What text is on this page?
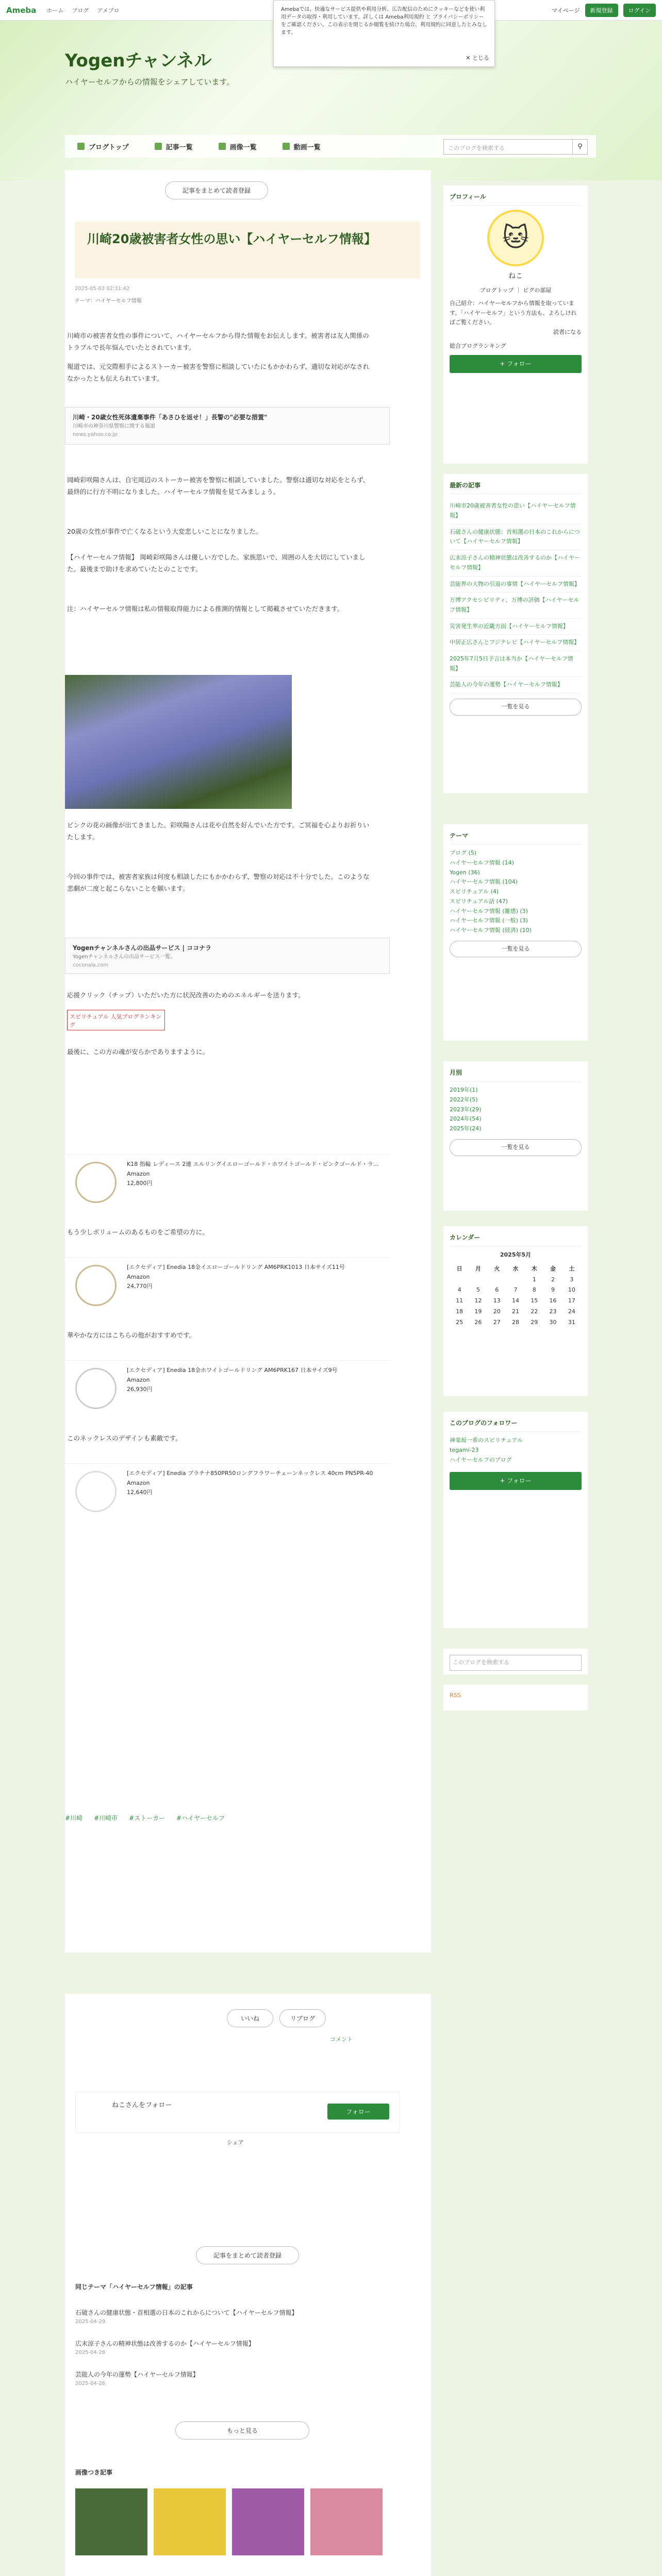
Ameba ホーム ブログ アメブロ	マイページ	新規登録	ログイン
Yogenチャンネル
ハイヤーセルフからの情報をシェアしています。
Amebaでは、快適なサービス提供や利用分析、広告配信のためにクッキーなどを使い利用データの取得・利用しています。詳しくは Ameba利用規約 と プライバシーポリシー をご確認ください。この表示を閉じるか閲覧を続けた場合、利用規約に同意したとみなします。
✕ とじる
ブログトップ	記事一覧	画像一覧	動画一覧	このブログを検索する	⚲
記事をまとめて読者登録
川崎20歳被害者女性の思い【ハイヤーセルフ情報】
2025-05-03 02:31:42
テーマ：ハイヤーセルフ情報

川崎市の被害者女性の事件について、ハイヤーセルフから得た情報をお伝えします。被害者は友人関係のトラブルで長年悩んでいたとされています。

報道では、元交際相手によるストーカー被害を警察に相談していたにもかかわらず、適切な対応がなされなかったとも伝えられています。

川崎・20歳女性死体遺棄事件「あさひを返せ！」長警の"必要な措置"
川崎市の神奈川県警察に関する報道
news.yahoo.co.jp

岡崎彩咲陽さんは、自宅周辺のストーカー被害を警察に相談していました。警察は適切な対応をとらず、最終的に行方不明になりました。ハイヤーセルフ情報を見てみましょう。

20歳の女性が事件で亡くなるという大変悲しいことになりました。

【ハイヤーセルフ情報】 岡崎彩咲陽さんは優しい方でした。家族思いで、周囲の人を大切にしていました。最後まで助けを求めていたとのことです。

注：ハイヤーセルフ情報は私の情報取得能力による推測的情報として掲載させていただきます。

ピンクの花の画像が出てきました。彩咲陽さんは花や自然を好んでいた方です。ご冥福を心よりお祈りいたします。

今回の事件では、被害者家族は何度も相談したにもかかわらず、警察の対応は不十分でした。このような悲劇が二度と起こらないことを願います。

Yogenチャンネルさんの出品サービス | ココナラ
Yogenチャンネルさんの出品サービス一覧。
coconala.com

応援クリック（チップ）いただいた方に状況改善のためのエネルギーを送ります。

スピリチュアル 人気ブログランキング

最後に、この方の魂が安らかでありますように。

K18 指輪 レディース 2連 エルリングイエローゴールド・ホワイトゴールド・ピンクゴールド・ラ...
Amazon
12,800円

もう少しボリュームのあるものをご希望の方に。

[エクセディア] Enedia 18金イエローゴールドリング AM6PRK1013 日本サイズ11号
Amazon
24,770円

華やかな方にはこちらの他がおすすめです。

[エクセディア] Enedia 18金ホワイトゴールドリング AM6PRK167 日本サイズ9号
Amazon
26,930円

このネックレスのデザインも素敵です。

[エクセディア] Enedia プラチナ850PR50ロングフラワーチェーンネックレス 40cm PN5PR-40
Amazon
12,640円
#川崎 #川崎市 #ストーカー #ハイヤーセルフ
プロフィール
🐱
ねこ
ブログトップ ｜ ピグの部屋

自己紹介：ハイヤーセルフから情報を取っています。「ハイヤーセルフ」という方法も、よろしければご覧ください。

読者になる
総合ブログランキング
+ フォロー
最新の記事
川崎市20歳被害者女性の思い【ハイヤーセルフ情報】
石破さんの健康状態：首相選の日本のこれからについて【ハイヤーセルフ情報】
広末涼子さんの精神状態は改善するのか【ハイヤーセルフ情報】
芸能界の大物の引退の事情【ハイヤーセルフ情報】
万博アクセシビリティ、万博の評価【ハイヤーセルフ情報】
災害発生率の近畿方面【ハイヤーセルフ情報】
中居正広さんとフジテレビ【ハイヤーセルフ情報】
2025年7月5日予言は本当か【ハイヤーセルフ情報】
芸能人の今年の運勢【ハイヤーセルフ情報】
一覧を見る
テーマ
ブログ (5)
ハイヤーセルフ情報 (14)
Yogen (36)
ハイヤーセルフ情報 (104)
スピリチュアル (4)
スピリチュアル話 (47)
ハイヤーセルフ情報 (雑感) (3)
ハイヤーセルフ情報 (一般) (3)
ハイヤーセルフ情報 (経済) (10)
一覧を見る
月別
2019年(1)
2022年(5)
2023年(29)
2024年(54)
2025年(24)
一覧を見る
カレンダー
2025年5月
日	月	火	水	木	金	土
				1	2	3
4	5	6	7	8	9	10
11	12	13	14	15	16	17
18	19	20	21	22	23	24
25	26	27	28	29	30	31
このブログのフォロワー
神楽坂一希のスピリチュアル
tegami-23
ハイヤーセルフのブログ
+ フォロー
このブログを検索する
RSS
いいね	リブログ
コメント
ねこさんをフォロー
フォロー
シェア
記事をまとめて読者登録
同じテーマ「ハイヤーセルフ情報」の記事
石破さんの健康状態・首相選の日本のこれからについて【ハイヤーセルフ情報】
2025-04-29
広末涼子さんの精神状態は改善するのか【ハイヤーセルフ情報】
2025-04-28
芸能人の今年の運勢【ハイヤーセルフ情報】
2025-04-26
もっと見る
画像つき記事
